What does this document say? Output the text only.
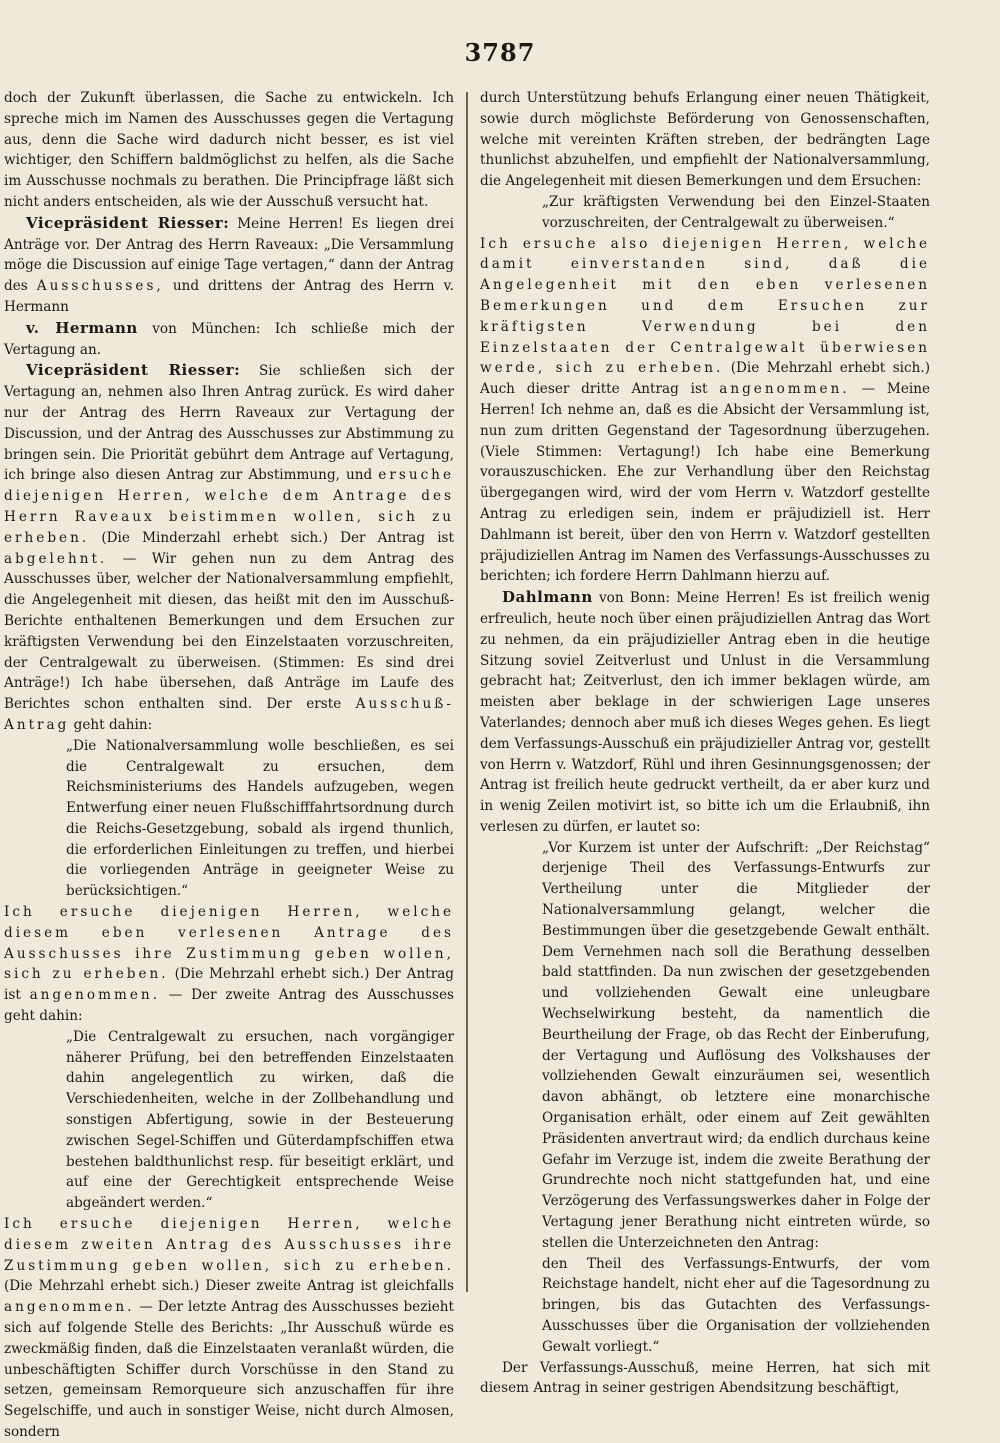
3787

doch der Zukunft überlassen, die Sache zu entwickeln. Ich spreche mich im Namen des Ausschusses gegen die Vertagung aus, denn die Sache wird dadurch nicht besser, es ist viel wichtiger, den Schiffern baldmöglichst zu helfen, als die Sache im Ausschusse nochmals zu berathen. Die Principfrage läßt sich nicht anders entscheiden, als wie der Ausschuß versucht hat.

Vicepräsident Riesser: Meine Herren! Es liegen drei Anträge vor. Der Antrag des Herrn Raveaux: „Die Versammlung möge die Discussion auf einige Tage vertagen,“ dann der Antrag des Ausschusses, und drittens der Antrag des Herrn v. Hermann

v. Hermann von München: Ich schließe mich der Vertagung an.

Vicepräsident Riesser: Sie schließen sich der Vertagung an, nehmen also Ihren Antrag zurück. Es wird daher nur der Antrag des Herrn Raveaux zur Vertagung der Discussion, und der Antrag des Ausschusses zur Abstimmung zu bringen sein. Die Priorität gebührt dem Antrage auf Vertagung, ich bringe also diesen Antrag zur Abstimmung, und ersuche diejenigen Herren, welche dem Antrage des Herrn Raveaux beistimmen wollen, sich zu erheben. (Die Minderzahl erhebt sich.) Der Antrag ist abgelehnt. — Wir gehen nun zu dem Antrag des Ausschusses über, welcher der Nationalversammlung empfiehlt, die Angelegenheit mit diesen, das heißt mit den im Ausschuß-Berichte enthaltenen Bemerkungen und dem Ersuchen zur kräftigsten Verwendung bei den Einzelstaaten vorzuschreiten, der Centralgewalt zu überweisen. (Stimmen: Es sind drei Anträge!) Ich habe übersehen, daß Anträge im Laufe des Berichtes schon enthalten sind. Der erste Ausschuß-Antrag geht dahin:

„Die Nationalversammlung wolle beschließen, es sei die Centralgewalt zu ersuchen, dem Reichsministeriums des Handels aufzugeben, wegen Entwerfung einer neuen Flußschifffahrtsordnung durch die Reichs-Gesetzgebung, sobald als irgend thunlich, die erforderlichen Einleitungen zu treffen, und hierbei die vorliegenden Anträge in geeigneter Weise zu berücksichtigen.“

Ich ersuche diejenigen Herren, welche diesem eben verlesenen Antrage des Ausschusses ihre Zustimmung geben wollen, sich zu erheben. (Die Mehrzahl erhebt sich.) Der Antrag ist angenommen. — Der zweite Antrag des Ausschusses geht dahin:

„Die Centralgewalt zu ersuchen, nach vorgängiger näherer Prüfung, bei den betreffenden Einzelstaaten dahin angelegentlich zu wirken, daß die Verschiedenheiten, welche in der Zollbehandlung und sonstigen Abfertigung, sowie in der Besteuerung zwischen Segel-Schiffen und Güterdampfschiffen etwa bestehen baldthunlichst resp. für beseitigt erklärt, und auf eine der Gerechtigkeit entsprechende Weise abgeändert werden.“

Ich ersuche diejenigen Herren, welche diesem zweiten Antrag des Ausschusses ihre Zustimmung geben wollen, sich zu erheben. (Die Mehrzahl erhebt sich.) Dieser zweite Antrag ist gleichfalls angenommen. — Der letzte Antrag des Ausschusses bezieht sich auf folgende Stelle des Berichts: „Ihr Ausschuß würde es zweckmäßig finden, daß die Einzelstaaten veranlaßt würden, die unbeschäftigten Schiffer durch Vorschüsse in den Stand zu setzen, gemeinsam Remorqueure sich anzuschaffen für ihre Segelschiffe, und auch in sonstiger Weise, nicht durch Almosen, sondern

durch Unterstützung behufs Erlangung einer neuen Thätigkeit, sowie durch möglichste Beförderung von Genossenschaften, welche mit vereinten Kräften streben, der bedrängten Lage thunlichst abzuhelfen, und empfiehlt der Nationalversammlung, die Angelegenheit mit diesen Bemerkungen und dem Ersuchen:

„Zur kräftigsten Verwendung bei den Einzel-Staaten vorzuschreiten, der Centralgewalt zu überweisen.“

Ich ersuche also diejenigen Herren, welche damit einverstanden sind, daß die Angelegenheit mit den eben verlesenen Bemerkungen und dem Ersuchen zur kräftigsten Verwendung bei den Einzelstaaten der Centralgewalt überwiesen werde, sich zu erheben. (Die Mehrzahl erhebt sich.) Auch dieser dritte Antrag ist angenommen. — Meine Herren! Ich nehme an, daß es die Absicht der Versammlung ist, nun zum dritten Gegenstand der Tagesordnung überzugehen. (Viele Stimmen: Vertagung!) Ich habe eine Bemerkung vorauszuschicken. Ehe zur Verhandlung über den Reichstag übergegangen wird, wird der vom Herrn v. Watzdorf gestellte Antrag zu erledigen sein, indem er präjudiziell ist. Herr Dahlmann ist bereit, über den von Herrn v. Watzdorf gestellten präjudiziellen Antrag im Namen des Verfassungs-Ausschusses zu berichten; ich fordere Herrn Dahlmann hierzu auf.

Dahlmann von Bonn: Meine Herren! Es ist freilich wenig erfreulich, heute noch über einen präjudiziellen Antrag das Wort zu nehmen, da ein präjudizieller Antrag eben in die heutige Sitzung soviel Zeitverlust und Unlust in die Versammlung gebracht hat; Zeitverlust, den ich immer beklagen würde, am meisten aber beklage in der schwierigen Lage unseres Vaterlandes; dennoch aber muß ich dieses Weges gehen. Es liegt dem Verfassungs-Ausschuß ein präjudizieller Antrag vor, gestellt von Herrn v. Watzdorf, Rühl und ihren Gesinnungsgenossen; der Antrag ist freilich heute gedruckt vertheilt, da er aber kurz und in wenig Zeilen motivirt ist, so bitte ich um die Erlaubniß, ihn verlesen zu dürfen, er lautet so:

„Vor Kurzem ist unter der Aufschrift: „Der Reichstag“ derjenige Theil des Verfassungs-Entwurfs zur Vertheilung unter die Mitglieder der Nationalversammlung gelangt, welcher die Bestimmungen über die gesetzgebende Gewalt enthält. Dem Vernehmen nach soll die Berathung desselben bald stattfinden. Da nun zwischen der gesetzgebenden und vollziehenden Gewalt eine unleugbare Wechselwirkung besteht, da namentlich die Beurtheilung der Frage, ob das Recht der Einberufung, der Vertagung und Auflösung des Volkshauses der vollziehenden Gewalt einzuräumen sei, wesentlich davon abhängt, ob letztere eine monarchische Organisation erhält, oder einem auf Zeit gewählten Präsidenten anvertraut wird; da endlich durchaus keine Gefahr im Verzuge ist, indem die zweite Berathung der Grundrechte noch nicht stattgefunden hat, und eine Verzögerung des Verfassungswerkes daher in Folge der Vertagung jener Berathung nicht eintreten würde, so stellen die Unterzeichneten den Antrag:

den Theil des Verfassungs-Entwurfs, der vom Reichstage handelt, nicht eher auf die Tagesordnung zu bringen, bis das Gutachten des Verfassungs-Ausschusses über die Organisation der vollziehenden Gewalt vorliegt.“

Der Verfassungs-Ausschuß, meine Herren, hat sich mit diesem Antrag in seiner gestrigen Abendsitzung beschäftigt,
